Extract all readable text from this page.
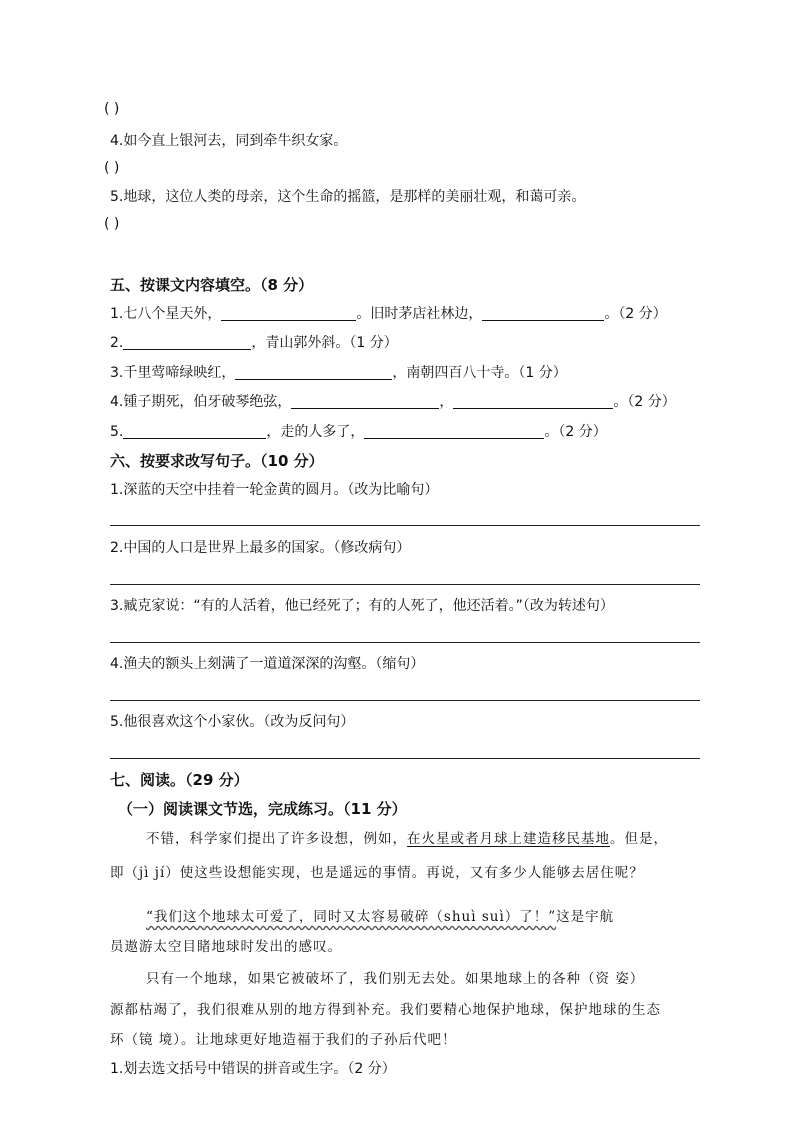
( )
4.如今直上银河去，同到牵牛织女家。
( )
5.地球，这位人类的母亲，这个生命的摇篮，是那样的美丽壮观，和蔼可亲。
( )
五、按课文内容填空。（8 分）
1.七八个星天外，	。旧时茅店社林边，	。（2 分）
2.	，青山郭外斜。（1 分）
3.千里莺啼绿映红，	，南朝四百八十寺。（1 分）
4.锺子期死，伯牙破琴绝弦，	，	。（2 分）
5.	，走的人多了，	。（2 分）
六、按要求改写句子。（10 分）
1.深蓝的天空中挂着一轮金黄的圆月。（改为比喻句）
2.中国的人口是世界上最多的国家。（修改病句）
3.臧克家说：“有的人活着，他已经死了；有的人死了，他还活着。”（改为转述句）
4.渔夫的额头上刻满了一道道深深的沟壑。（缩句）
5.他很喜欢这个小家伙。（改为反问句）
七、阅读。（29 分）
（一）阅读课文节选，完成练习。（11 分）
不错，科学家们提出了许多设想，例如，在火星或者月球上建造移民基地。但是，
即（jì jí）使这些设想能实现，也是遥远的事情。再说，又有多少人能够去居住呢？
“我们这个地球太可爱了，同时又太容易破碎（shuì suì）了！”这是宇航
员遨游太空目睹地球时发出的感叹。
只有一个地球，如果它被破坏了，我们别无去处。如果地球上的各种（资 姿）
源都枯竭了，我们很难从别的地方得到补充。我们要精心地保护地球，保护地球的生态
环（镜 境）。让地球更好地造福于我们的子孙后代吧！
1.划去选文括号中错误的拼音或生字。（2 分）
